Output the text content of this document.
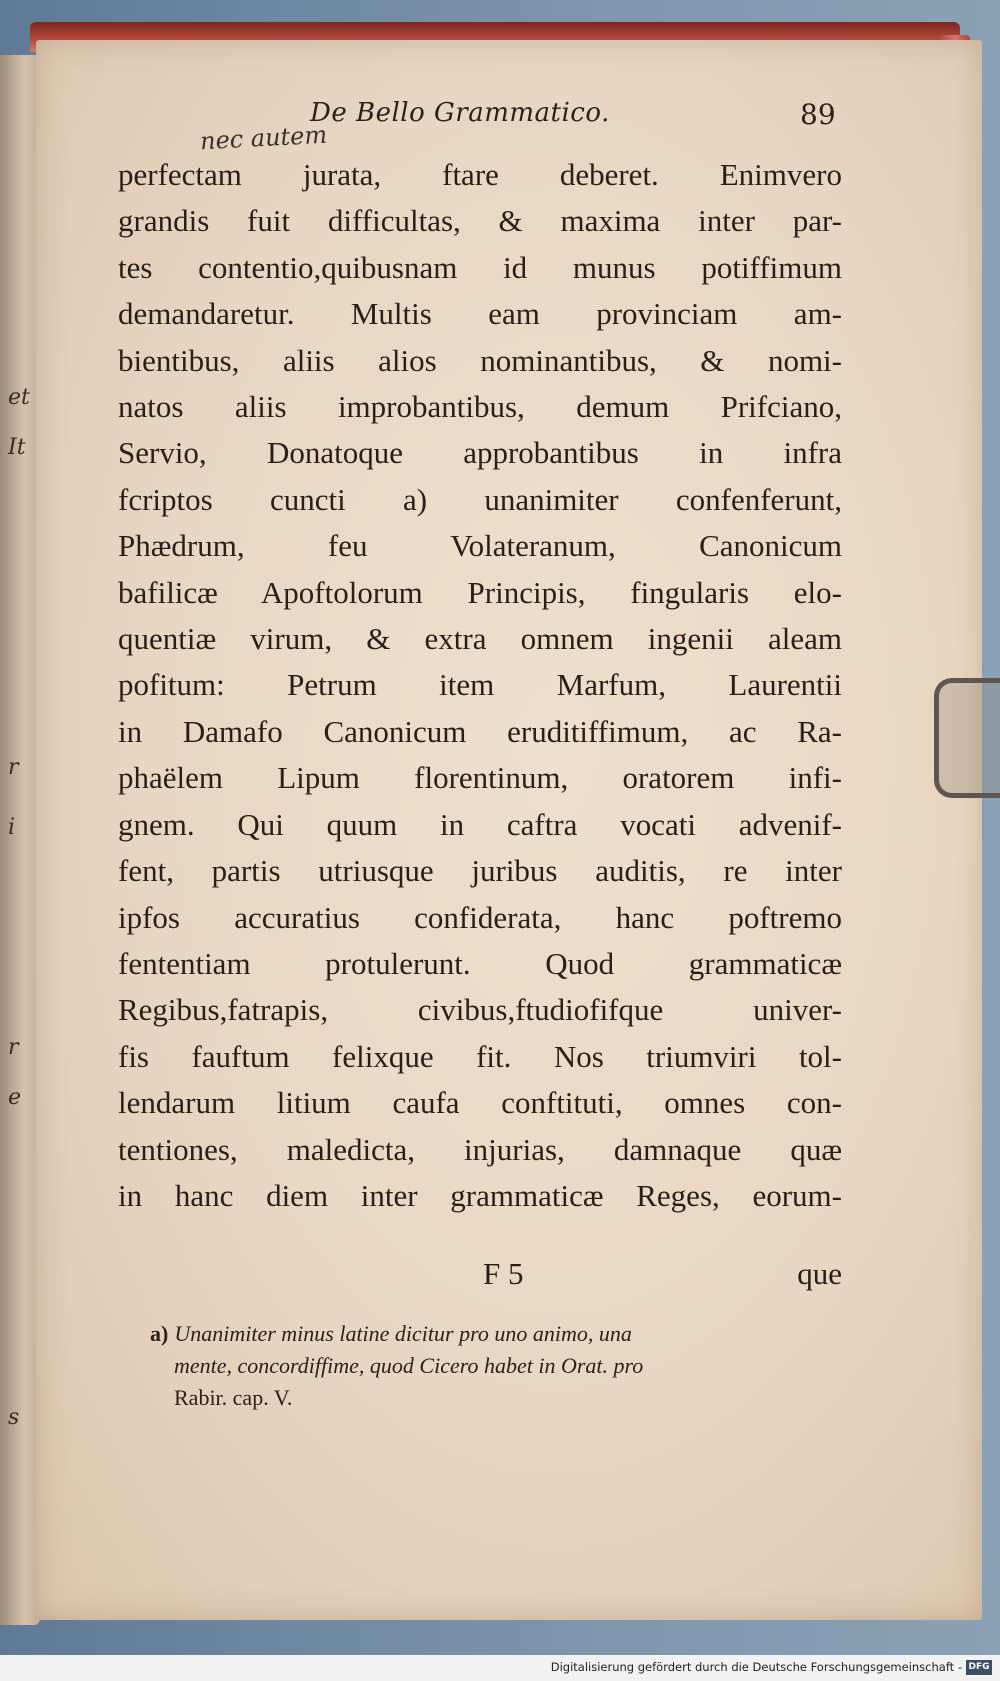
et
It
r
i
r
e
s
nec autem
De Bello Grammatico.	89
perfectam jurata, ftare deberet. Enimvero
grandis fuit difficultas, & maxima inter par-
tes contentio,quibusnam id munus potiffimum
demandaretur. Multis eam provinciam am-
bientibus, aliis alios nominantibus, & nomi-
natos aliis improbantibus, demum Prifciano,
Servio, Donatoque approbantibus in infra
fcriptos cuncti a) unanimiter confenferunt,
Phædrum, feu Volateranum, Canonicum
bafilicæ Apoftolorum Principis, fingularis elo-
quentiæ virum, & extra omnem ingenii aleam
pofitum: Petrum item Marfum, Laurentii
in Damafo Canonicum eruditiffimum, ac Ra-
phaëlem Lipum florentinum, oratorem infi-
gnem. Qui quum in caftra vocati advenif-
fent, partis utriusque juribus auditis, re inter
ipfos accuratius confiderata, hanc poftremo
fententiam protulerunt. Quod grammaticæ
Regibus,fatrapis, civibus,ftudiofifque univer-
fis fauftum felixque fit. Nos triumviri tol-
lendarum litium caufa conftituti, omnes con-
tentiones, maledicta, injurias, damnaque quæ
in hanc diem inter grammaticæ Reges, eorum-
F 5	que
a) Unanimiter minus latine dicitur pro uno animo, una
mente, concordiffime, quod Cicero habet in Orat. pro
Rabir. cap. V.
Digitalisierung gefördert durch die Deutsche Forschungsgemeinschaft - DFG
